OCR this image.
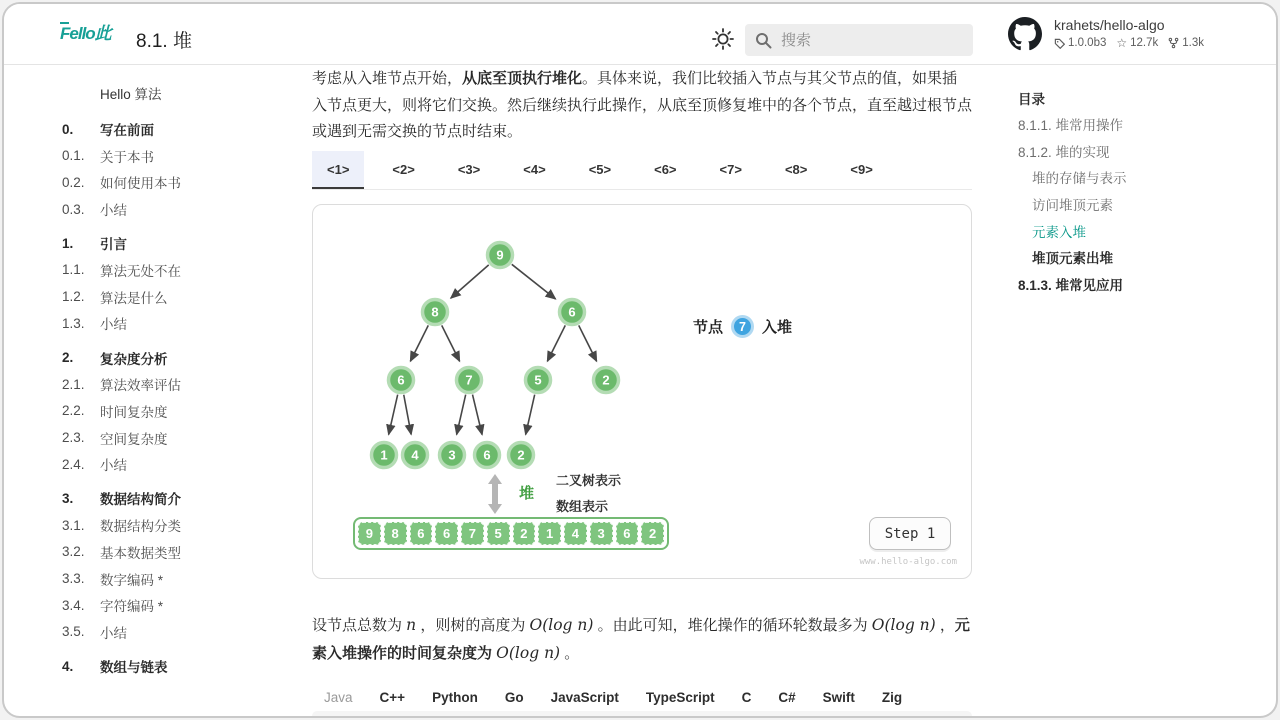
Fello此 8.1. 堆
搜索
krahets/hello-algo
1.0.0b3 ☆ 12.7k 1.3k
Hello 算法
0.	写在前面
0.1.	关于本书
0.2.	如何使用本书
0.3.	小结
1.	引言
1.1.	算法无处不在
1.2.	算法是什么
1.3.	小结
2.	复杂度分析
2.1.	算法效率评估
2.2.	时间复杂度
2.3.	空间复杂度
2.4.	小结
3.	数据结构简介
3.1.	数据结构分类
3.2.	基本数据类型
3.3.	数字编码 *
3.4.	字符编码 *
3.5.	小结
4.	数组与链表

考虑从入堆节点开始，从底至顶执行堆化。具体来说，我们比较插入节点与其父节点的值，如果插入节点更大，则将它们交换。然后继续执行此操作，从底至顶修复堆中的各个节点，直至越过根节点或遇到无需交换的节点时结束。

<1>	<2>	<3>	<4>	<5>	<6>	<7>	<8>	<9>
9
8	6
6	7	5	2
1 4 3 6 2
节点	7	入堆
堆
二叉树表示
数组表示
9	8	6	6	7	5	2	1	4	3	6	2	Step 1
www.hello-algo.com

设节点总数为 n ，则树的高度为 O(log n) 。由此可知，堆化操作的循环轮数最多为 O(log n) ，元素入堆操作的时间复杂度为 O(log n) 。

Java C++ Python Go JavaScript TypeScript C C# Swift Zig
目录
8.1.1. 堆常用操作
8.1.2. 堆的实现
堆的存储与表示
访问堆顶元素
元素入堆
堆顶元素出堆
8.1.3. 堆常见应用
